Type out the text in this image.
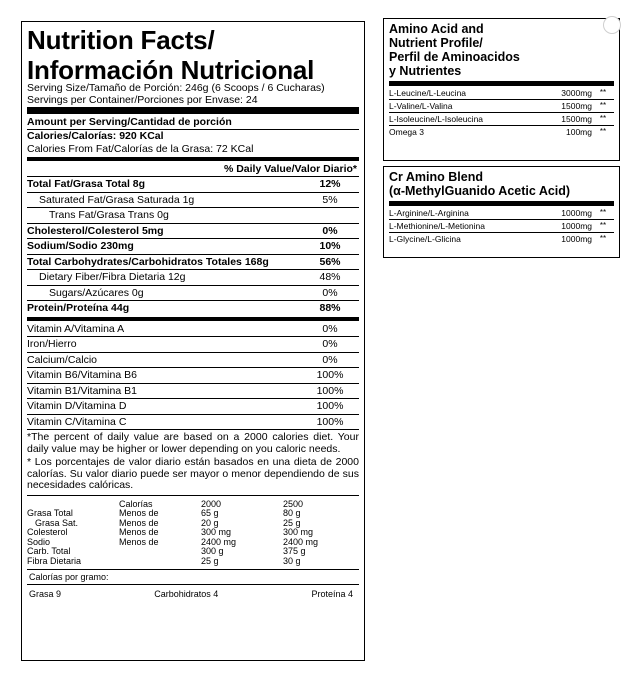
Nutrition Facts/
Información Nutricional
Serving Size/Tamaño de Porción: 246g (6 Scoops / 6 Cucharas)
Servings per Container/Porciones por Envase: 24
Amount per Serving/Cantidad de porción
Calories/Calorías: 920 KCal
Calories From Fat/Calorías de la Grasa: 72 KCal
% Daily Value/Valor Diario*
Total Fat/Grasa Total 8g	12%
Saturated Fat/Grasa Saturada 1g	5%
Trans Fat/Grasa Trans 0g
Cholesterol/Colesterol 5mg	0%
Sodium/Sodio 230mg	10%
Total Carbohydrates/Carbohidratos Totales 168g	56%
Dietary Fiber/Fibra Dietaria 12g	48%
Sugars/Azúcares 0g	0%
Protein/Proteína 44g	88%
Vitamin A/Vitamina A	0%
Iron/Hierro	0%
Calcium/Calcio	0%
Vitamin B6/Vitamina B6	100%
Vitamin B1/Vitamina B1	100%
Vitamin D/Vitamina D	100%
Vitamin C/Vitamina C	100%
*The percent of daily value are based on a 2000 calories diet. Your daily value may be higher or lower depending on you caloric needs.
* Los porcentajes de valor diario están basados en una dieta de 2000 calorías. Su valor diario puede ser mayor o menor dependiendo de sus necesidades calóricas.
	Calorías	2000	2500
Grasa Total	Menos de	65 g	80 g
Grasa Sat.	Menos de	20 g	25 g
Colesterol	Menos de	300 mg	300 mg
Sodio	Menos de	2400 mg	2400 mg
Carb. Total		300 g	375 g
Fibra Dietaria		25 g	30 g
Calorías por gramo:
Grasa 9	Carbohidratos 4	Proteína 4
Amino Acid and
Nutrient Profile/
Perfil de Aminoacidos
y Nutrientes
L-Leucine/L-Leucina	3000mg **
L-Valine/L-Valina	1500mg **
L-Isoleucine/L-Isoleucina	1500mg **
Omega 3	100mg **
Cr Amino Blend
(α-MethylGuanido Acetic Acid)
L-Arginine/L-Arginina	1000mg **
L-Methionine/L-Metionina	1000mg **
L-Glycine/L-Glicina	1000mg **
